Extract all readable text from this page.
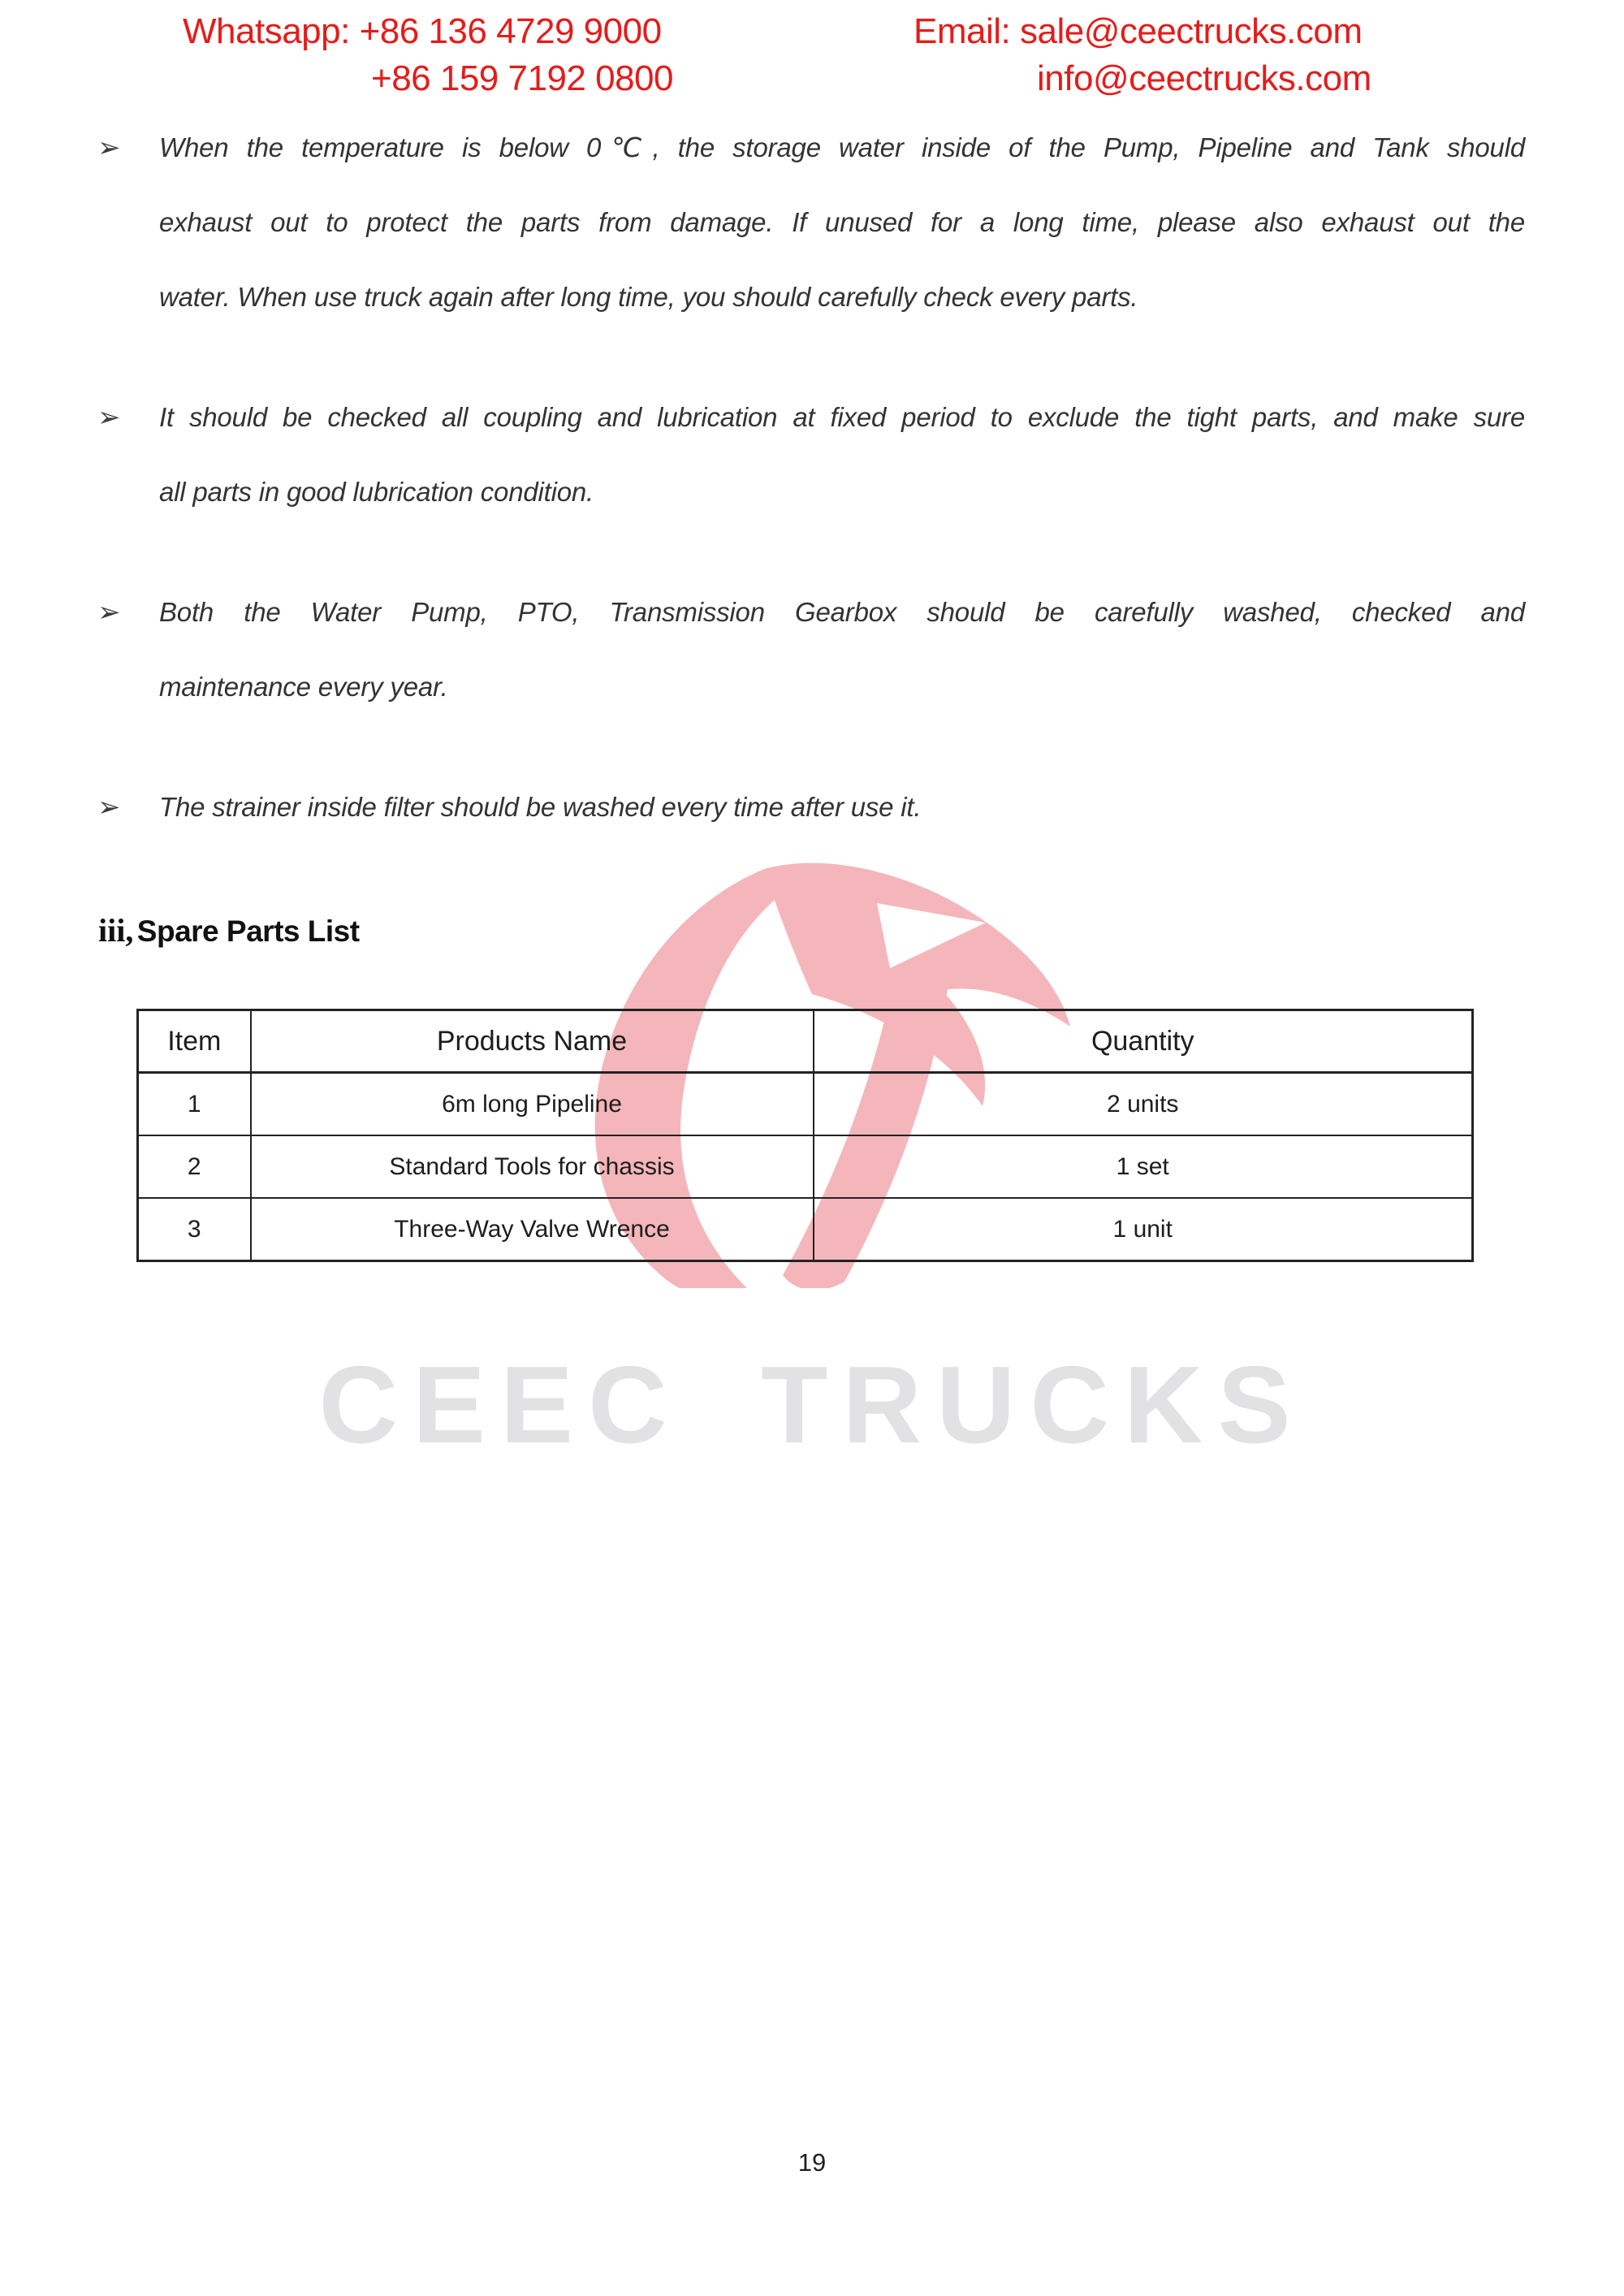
CEEC TRUCKS
Whatsapp: +86 136 4729 9000
+86 159 7192 0800
Email: sale@ceectrucks.com
info@ceectrucks.com
➢	When the temperature is below 0℃, the storage water inside of the Pump, Pipeline and Tank should
exhaust out to protect the parts from damage. If unused for a long time, please also exhaust out the
water. When use truck again after long time, you should carefully check every parts.
➢	It should be checked all coupling and lubrication at fixed period to exclude the tight parts, and make sure
all parts in good lubrication condition.
➢	Both the Water Pump, PTO, Transmission Gearbox should be carefully washed, checked and
maintenance every year.
➢	The strainer inside filter should be washed every time after use it.
iii, Spare Parts List
Item	Products Name	Quantity
1	6m long Pipeline	2 units
2	Standard Tools for chassis	1 set
3	Three-Way Valve Wrence	1 unit
19
